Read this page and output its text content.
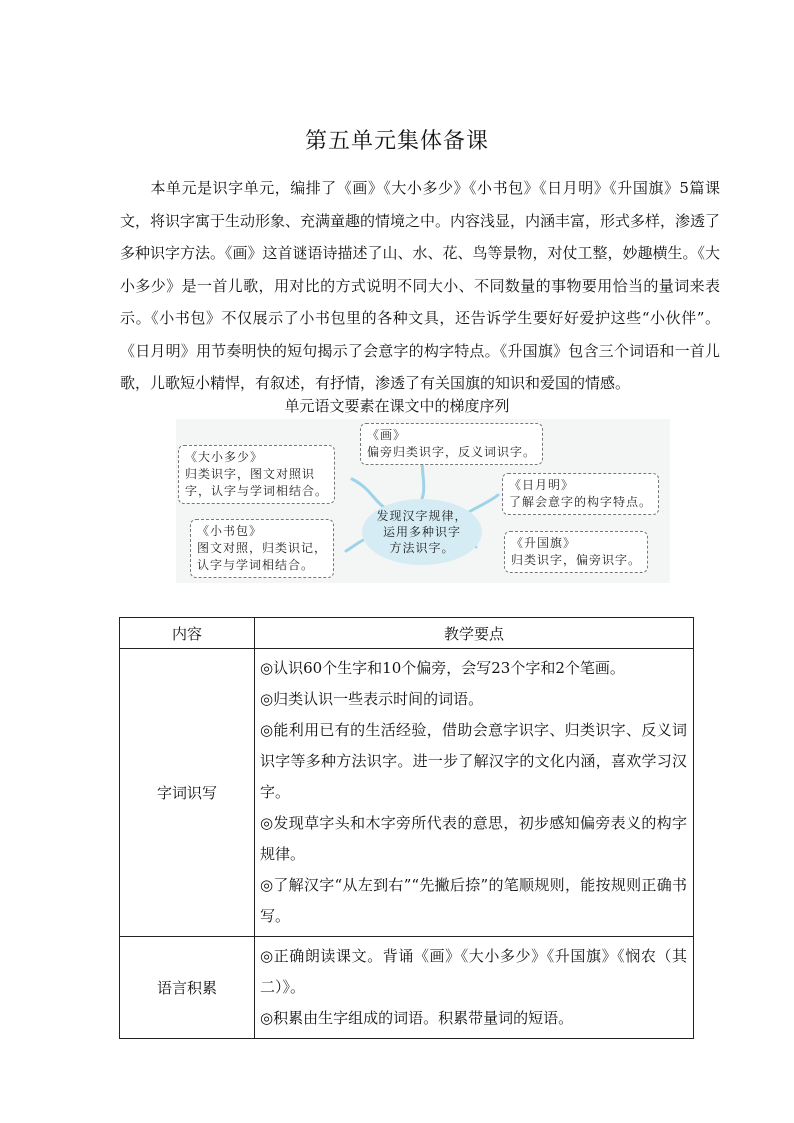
第五单元集体备课

本单元是识字单元，编排了《画》《大小多少》《小书包》《日月明》《升国旗》5篇课文，将识字寓于生动形象、充满童趣的情境之中。内容浅显，内涵丰富，形式多样，渗透了多种识字方法。《画》这首谜语诗描述了山、水、花、鸟等景物，对仗工整，妙趣横生。《大小多少》是一首儿歌，用对比的方式说明不同大小、不同数量的事物要用恰当的量词来表示。《小书包》不仅展示了小书包里的各种文具，还告诉学生要好好爱护这些“小伙伴”。《日月明》用节奏明快的短句揭示了会意字的构字特点。《升国旗》包含三个词语和一首儿歌，儿歌短小精悍，有叙述，有抒情，渗透了有关国旗的知识和爱国的情感。

单元语文要素在课文中的梯度序列
《大小多少》
归类识字，图文对照识
字，认字与学词相结合。
《画》
偏旁归类识字，反义词识字。
《日月明》
了解会意字的构字特点。
《小书包》
图文对照，归类识记，
认字与学词相结合。
《升国旗》
归类识字，偏旁识字。
发现汉字规律，
运用多种识字
方法识字。
内容	教学要点
字词识写	◎认识60个生字和10个偏旁，会写23个字和2个笔画。

◎归类认识一些表示时间的词语。

◎能利用已有的生活经验，借助会意字识字、归类识字、反义词识字等多种方法识字。进一步了解汉字的文化内涵，喜欢学习汉字。

◎发现草字头和木字旁所代表的意思，初步感知偏旁表义的构字规律。

◎了解汉字“从左到右”“先撇后捺”的笔顺规则，能按规则正确书写。

语言积累	◎正确朗读课文。背诵《画》《大小多少》《升国旗》《悯农（其二）》。

◎积累由生字组成的词语。积累带量词的短语。
